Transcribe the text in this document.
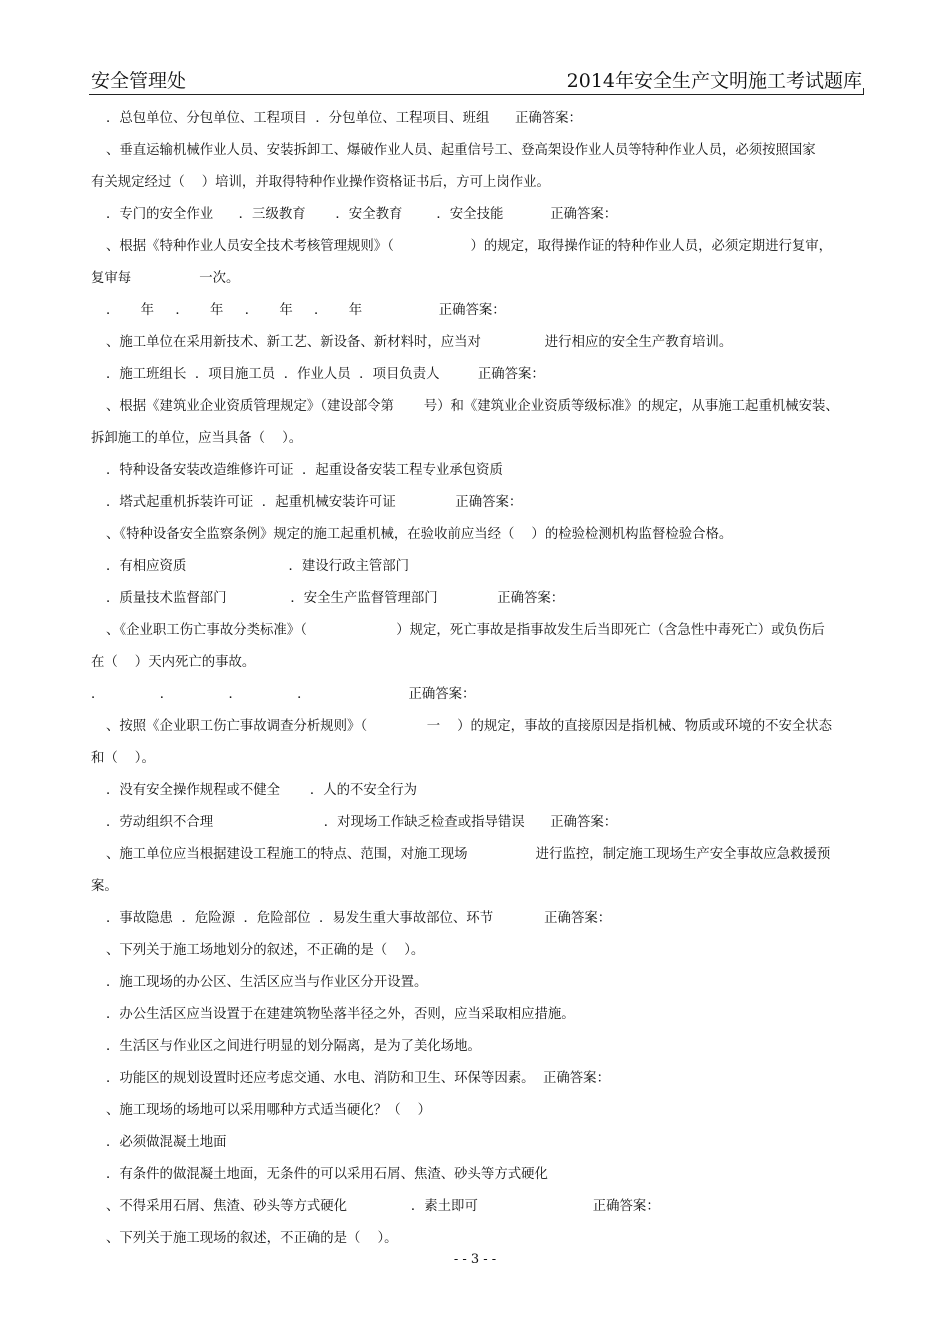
安全管理处	2014年安全生产文明施工考试题库
．总包单位、分包单位、工程项目  ．分包单位、工程项目、班组      正确答案：
、垂直运输机械作业人员、安装拆卸工、爆破作业人员、起重信号工、登高架设作业人员等特种作业人员，必须按照国家
有关规定经过（    ）培训，并取得特种作业操作资格证书后，方可上岗作业。
．专门的安全作业      ．三级教育       ．安全教育        ．安全技能           正确答案：
、根据《特种作业人员安全技术考核管理规则》（                  ）的规定，取得操作证的特种作业人员，必须定期进行复审，
复审每                一次。
．     年     ．     年     ．     年     ．     年                  正确答案：
、施工单位在采用新技术、新工艺、新设备、新材料时，应当对               进行相应的安全生产教育培训。
．施工班组长  ．项目施工员  ．作业人员  ．项目负责人         正确答案：
、根据《建筑业企业资质管理规定》（建设部令第       号）和《建筑业企业资质等级标准》的规定，从事施工起重机械安装、
拆卸施工的单位，应当具备（    ）。
．特种设备安装改造维修许可证  ．起重设备安装工程专业承包资质
．塔式起重机拆装许可证  ．起重机械安装许可证              正确答案：
、《特种设备安全监察条例》规定的施工起重机械，在验收前应当经（    ）的检验检测机构监督检验合格。
．有相应资质                        ．建设行政主管部门
．质量技术监督部门               ．安全生产监督管理部门              正确答案：
、《企业职工伤亡事故分类标准》（                     ）规定，死亡事故是指事故发生后当即死亡（含急性中毒死亡）或负伤后
在（    ）天内死亡的事故。
．             ．             ．             ．                       正确答案：
、按照《企业职工伤亡事故调查分析规则》（              一    ）的规定，事故的直接原因是指机械、物质或环境的不安全状态
和（    ）。
．没有安全操作规程或不健全       ．人的不安全行为
．劳动组织不合理                          ．对现场工作缺乏检查或指导错误      正确答案：
、施工单位应当根据建设工程施工的特点、范围，对施工现场                进行监控，制定施工现场生产安全事故应急救援预
案。
．事故隐患  ．危险源  ．危险部位  ．易发生重大事故部位、环节            正确答案：
、下列关于施工场地划分的叙述，不正确的是（    ）。
．施工现场的办公区、生活区应当与作业区分开设置。
．办公生活区应当设置于在建建筑物坠落半径之外，否则，应当采取相应措施。
．生活区与作业区之间进行明显的划分隔离，是为了美化场地。
．功能区的规划设置时还应考虑交通、水电、消防和卫生、环保等因素。  正确答案：
、施工现场的场地可以采用哪种方式适当硬化？（    ）
．必须做混凝土地面
．有条件的做混凝土地面，无条件的可以采用石屑、焦渣、砂头等方式硬化
、不得采用石屑、焦渣、砂头等方式硬化               ．素土即可                           正确答案：
、下列关于施工现场的叙述，不正确的是（    ）。
- - 3 - -
